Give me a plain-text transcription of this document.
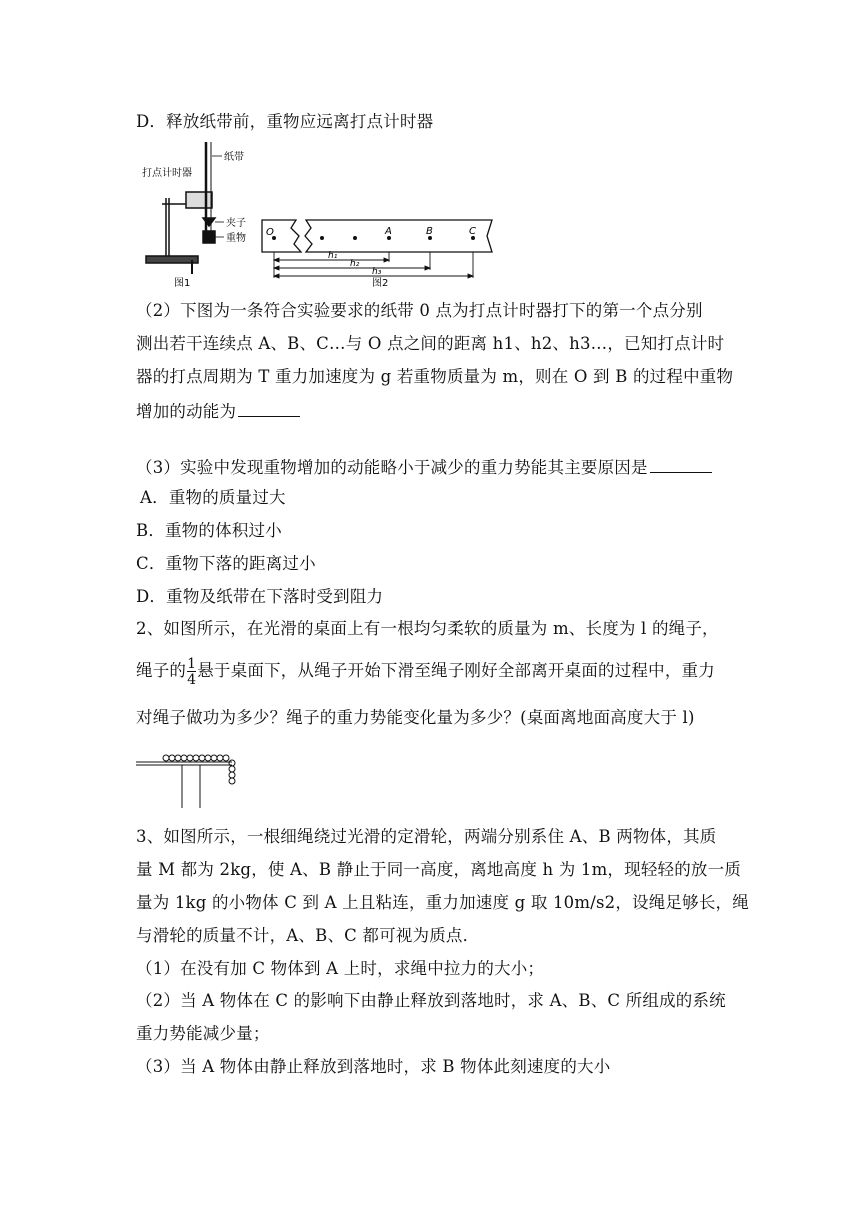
D．释放纸带前，重物应远离打点计时器
打点计时器
纸带
夹子
重物
图1
O	A	B	C
h₁
h₂
h₃
图2
（2）下图为一条符合实验要求的纸带 0 点为打点计时器打下的第一个点分别
测出若干连续点 A、B、C…与 O 点之间的距离 h1、h2、h3…，已知打点计时
器的打点周期为 T 重力加速度为 g 若重物质量为 m，则在 O 到 B 的过程中重物
增加的动能为
（3）实验中发现重物增加的动能略小于减少的重力势能其主要原因是
A．重物的质量过大
B．重物的体积过小
C．重物下落的距离过小
D．重物及纸带在下落时受到阻力
2、如图所示，在光滑的桌面上有一根均匀柔软的质量为 m、长度为 l 的绳子，
绳子的 $\frac{1}{4}$ 悬于桌面下，从绳子开始下滑至绳子刚好全部离开桌面的过程中，重力
对绳子做功为多少？绳子的重力势能变化量为多少？(桌面离地面高度大于 l)
3、如图所示，一根细绳绕过光滑的定滑轮，两端分别系住 A、B 两物体，其质
量 M 都为 2kg，使 A、B 静止于同一高度，离地高度 h 为 1m，现轻轻的放一质
量为 1kg 的小物体 C 到 A 上且粘连，重力加速度 g 取 10m/s2，设绳足够长，绳
与滑轮的质量不计，A、B、C 都可视为质点．
（1）在没有加 C 物体到 A 上时，求绳中拉力的大小；
（2）当 A 物体在 C 的影响下由静止释放到落地时，求 A、B、C 所组成的系统
重力势能减少量；
（3）当 A 物体由静止释放到落地时，求 B 物体此刻速度的大小
